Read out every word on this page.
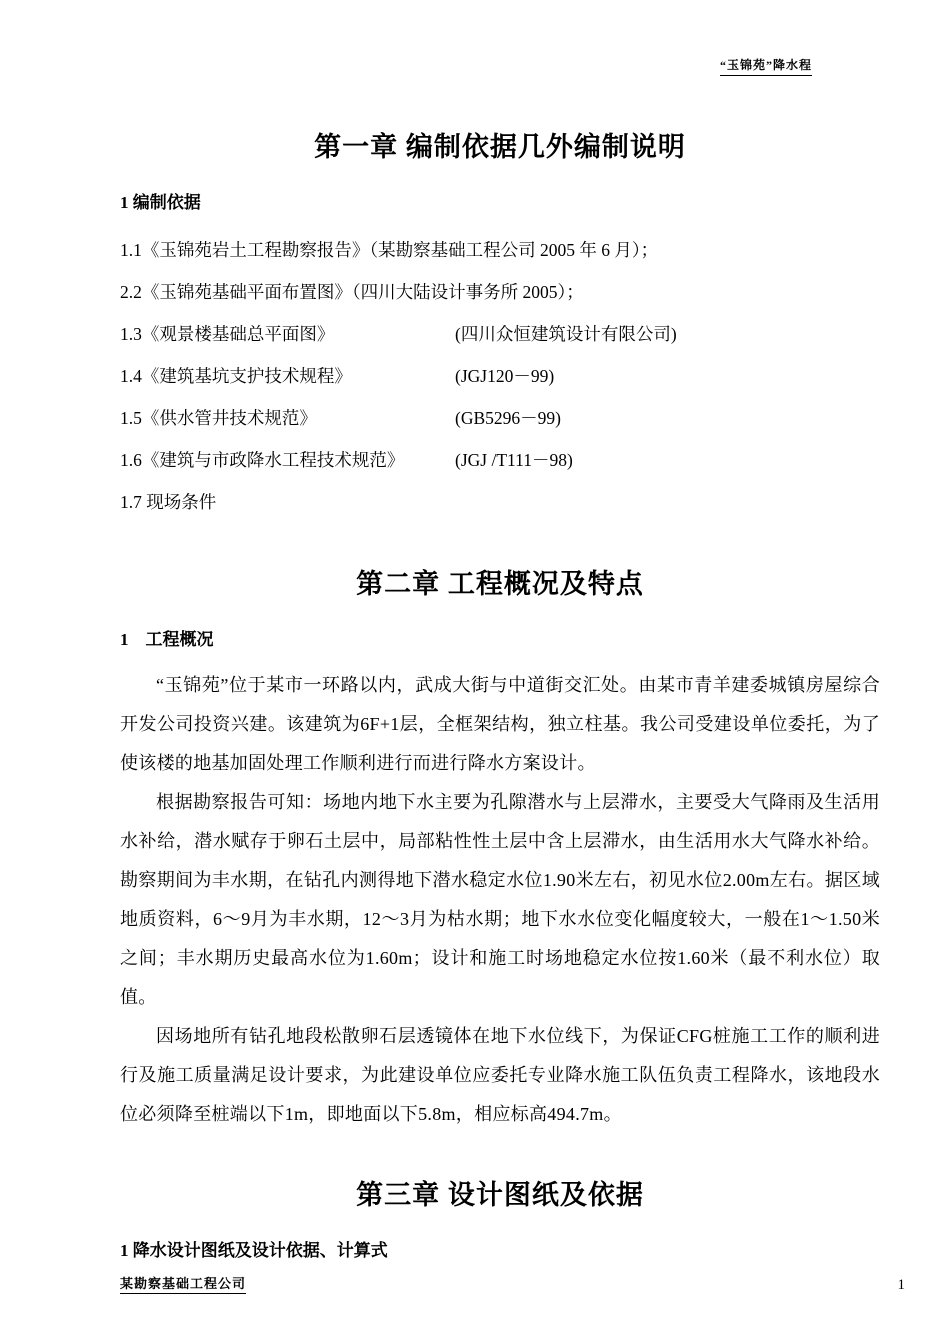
“玉锦苑”降水程
第一章 编制依据几外编制说明
1 编制依据
1.1《玉锦苑岩土工程勘察报告》（某勘察基础工程公司 2005 年 6 月）；
2.2《玉锦苑基础平面布置图》（四川大陆设计事务所 2005）；
1.3《观景楼基础总平面图》	(四川众恒建筑设计有限公司)
1.4《建筑基坑支护技术规程》	(JGJ120－99)
1.5《供水管井技术规范》	(GB5296－99)
1.6《建筑与市政降水工程技术规范》	(JGJ /T111－98)
1.7 现场条件
第二章 工程概况及特点
1　工程概况

“玉锦苑”位于某市一环路以内，武成大街与中道街交汇处。由某市青羊建委城镇房屋综合开发公司投资兴建。该建筑为6F+1层，全框架结构，独立柱基。我公司受建设单位委托，为了使该楼的地基加固处理工作顺利进行而进行降水方案设计。

根据勘察报告可知：场地内地下水主要为孔隙潜水与上层滞水，主要受大气降雨及生活用水补给，潜水赋存于卵石土层中，局部粘性性土层中含上层滞水，由生活用水大气降水补给。勘察期间为丰水期，在钻孔内测得地下潜水稳定水位1.90米左右，初见水位2.00m左右。据区域地质资料，6～9月为丰水期，12～3月为枯水期；地下水水位变化幅度较大，一般在1～1.50米之间；丰水期历史最高水位为1.60m；设计和施工时场地稳定水位按1.60米（最不利水位）取值。

因场地所有钻孔地段松散卵石层透镜体在地下水位线下，为保证CFG桩施工工作的顺利进行及施工质量满足设计要求，为此建设单位应委托专业降水施工队伍负责工程降水，该地段水位必须降至桩端以下1m，即地面以下5.8m，相应标高494.7m。

第三章 设计图纸及依据
1 降水设计图纸及设计依据、计算式
某勘察基础工程公司	1
